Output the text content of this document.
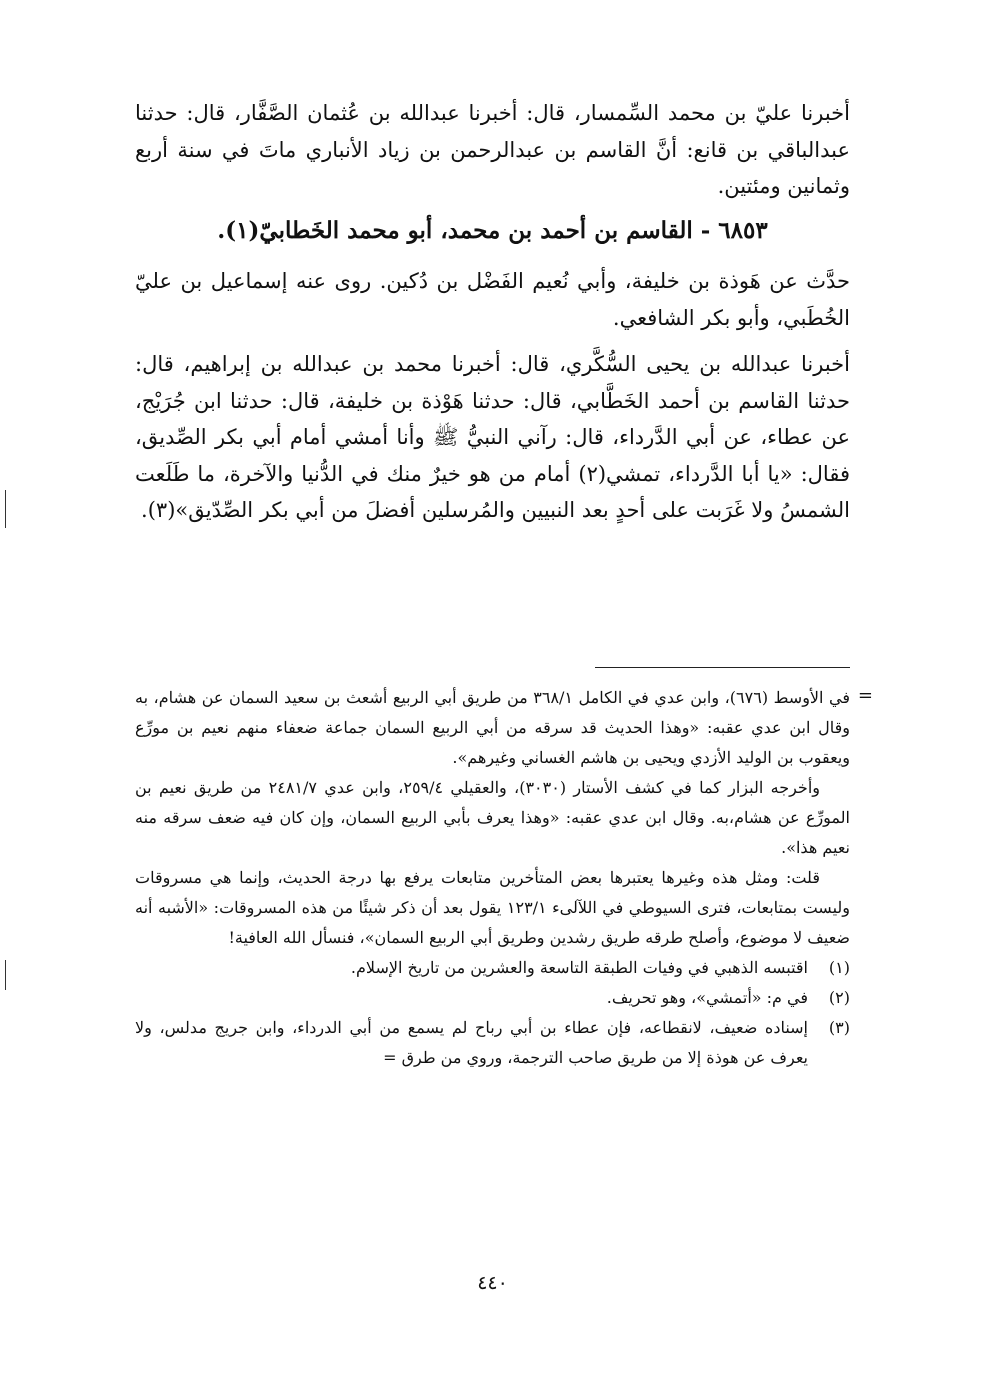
أخبرنا عليّ بن محمد السِّمسار، قال: أخبرنا عبدالله بن عُثمان الصَّفَّار، قال: حدثنا عبدالباقي بن قانع: أنَّ القاسم بن عبدالرحمن بن زياد الأنباري ماتَ في سنة أربع وثمانين ومئتين.

٦٨٥٣ - القاسم بن أحمد بن محمد، أبو محمد الخَطابيّ(١).

حدَّث عن هَوذة بن خليفة، وأبي نُعيم الفَضْل بن دُكين. روى عنه إسماعيل بن عليّ الخُطَبي، وأبو بكر الشافعي.

أخبرنا عبدالله بن يحيى السُّكَّري، قال: أخبرنا محمد بن عبدالله بن إبراهيم، قال: حدثنا القاسم بن أحمد الخَطَّابي، قال: حدثنا هَوْذة بن خليفة، قال: حدثنا ابن جُرَيْج، عن عطاء، عن أبي الدَّرداء، قال: رآني النبيُّ ﷺ وأنا أمشي أمام أبي بكر الصِّديق، فقال: «يا أبا الدَّرداء، تمشي(٢) أمام من هو خيرٌ منك في الدُّنيا والآخرة، ما طَلَعت الشمسُ ولا غَرَبت على أحدٍ بعد النبيين والمُرسلين أفضلَ من أبي بكر الصِّدّيق»(٣).

=

في الأوسط (٦٧٦)، وابن عدي في الكامل ٣٦٨/١ من طريق أبي الربيع أشعث بن سعيد السمان عن هشام، به وقال ابن عدي عقبه: «وهذا الحديث قد سرقه من أبي الربيع السمان جماعة ضعفاء منهم نعيم بن مورِّع ويعقوب بن الوليد الأزدي ويحيى بن هاشم الغساني وغيرهم».

وأخرجه البزار كما في كشف الأستار (٣٠٣٠)، والعقيلي ٢٥٩/٤، وابن عدي ٢٤٨١/٧ من طريق نعيم بن المورِّع عن هشام،به. وقال ابن عدي عقبه: «وهذا يعرف بأبي الربيع السمان، وإن كان فيه ضعف سرقه منه نعيم هذا».

قلت: ومثل هذه وغيرها يعتبرها بعض المتأخرين متابعات يرفع بها درجة الحديث، وإنما هي مسروقات وليست بمتابعات، فترى السيوطي في اللآلىء ١٢٣/١ يقول بعد أن ذكر شيئًا من هذه المسروقات: «الأشبه أنه ضعيف لا موضوع، وأصلح طرقه طريق رشدين وطريق أبي الربيع السمان»، فنسأل الله العافية!

(١)
اقتبسه الذهبي في وفيات الطبقة التاسعة والعشرين من تاريخ الإسلام.
(٢)
في م: «أتمشي»، وهو تحريف.
(٣)
إسناده ضعيف، لانقطاعه، فإن عطاء بن أبي رباح لم يسمع من أبي الدرداء، وابن جريج مدلس، ولا يعرف عن هوذة إلا من طريق صاحب الترجمة، وروي من طرق =
٤٤٠
